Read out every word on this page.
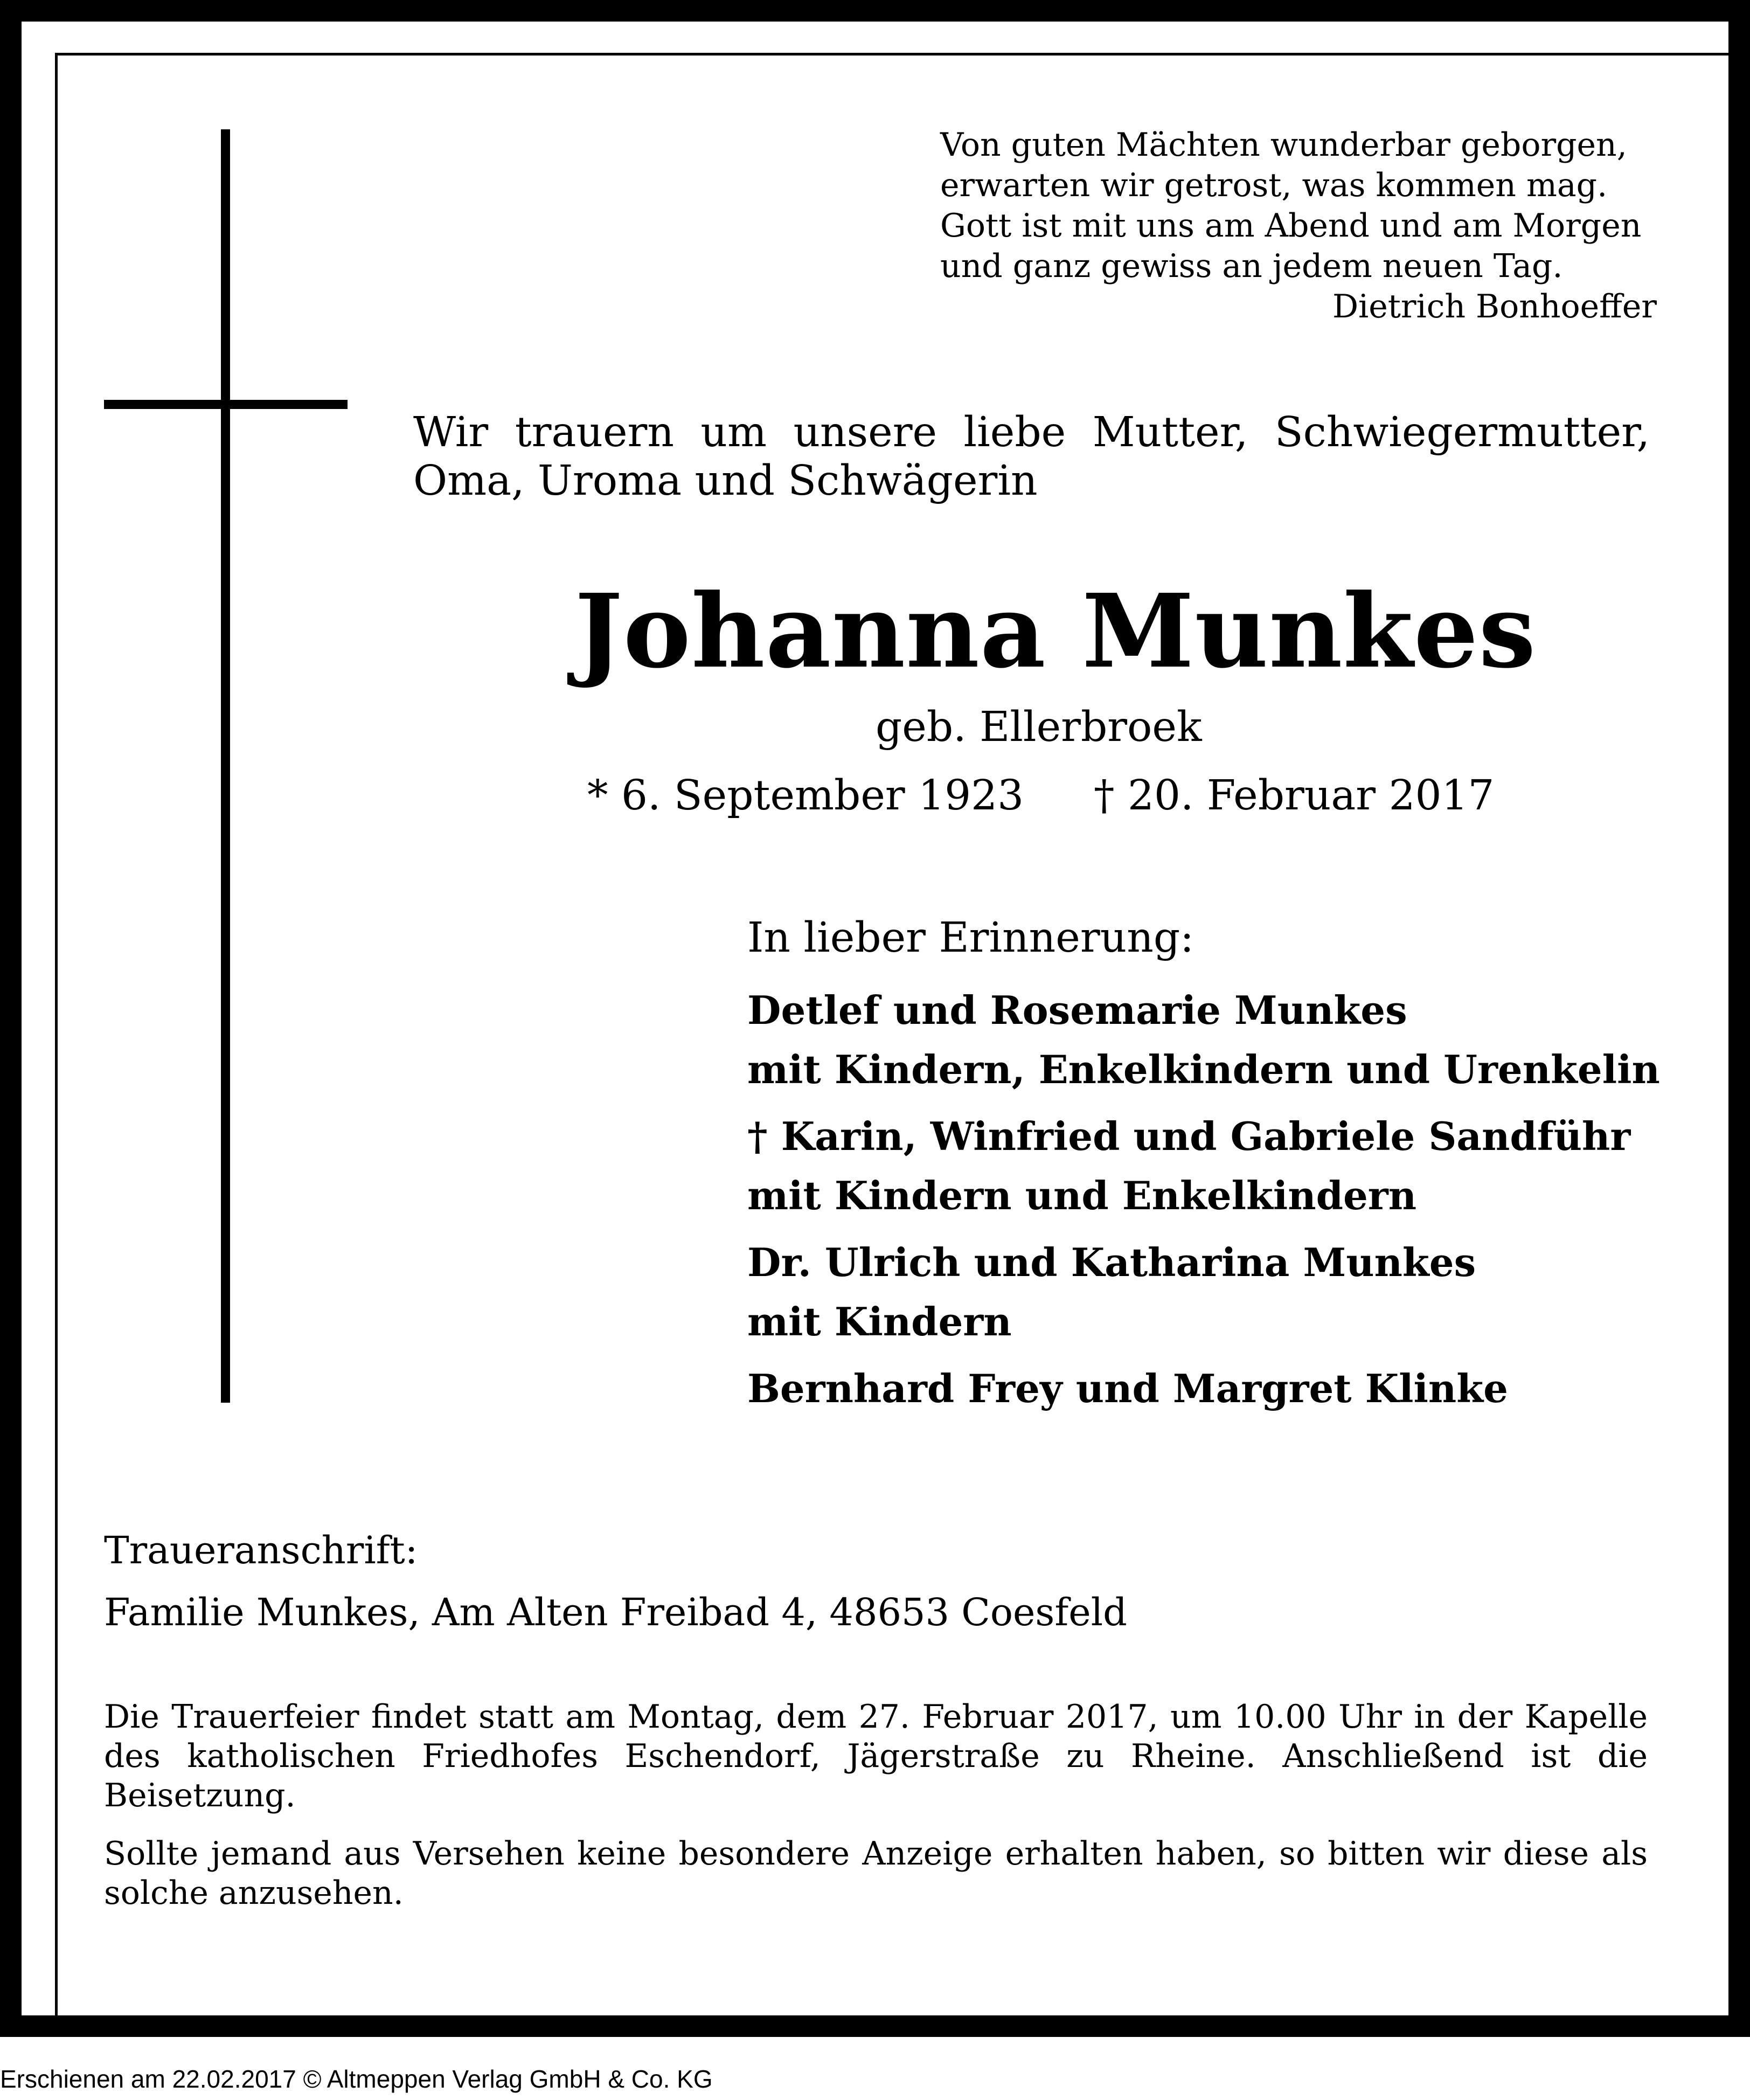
Von guten Mächten wunderbar geborgen,
erwarten wir getrost, was kommen mag.
Gott ist mit uns am Abend und am Morgen
und ganz gewiss an jedem neuen Tag.
Dietrich Bonhoeffer
Wir trauern um unsere liebe Mutter, Schwiegermutter,
Oma, Uroma und Schwägerin
Johanna Munkes
geb. Ellerbroek
* 6. September 1923 † 20. Februar 2017
In lieber Erinnerung:
Detlef und Rosemarie Munkes
mit Kindern, Enkelkindern und Urenkelin
† Karin, Winfried und Gabriele Sandführ
mit Kindern und Enkelkindern
Dr. Ulrich und Katharina Munkes
mit Kindern
Bernhard Frey und Margret Klinke
Traueranschrift:
Familie Munkes, Am Alten Freibad 4, 48653 Coesfeld

Die Trauerfeier findet statt am Montag, dem 27. Februar 2017, um 10.00 Uhr in der Kapelle des katholischen Friedhofes Eschendorf, Jägerstraße zu Rheine. Anschließend ist die Beisetzung.

Sollte jemand aus Versehen keine besondere Anzeige erhalten haben, so bitten wir diese als solche anzusehen.

Erschienen am 22.02.2017 © Altmeppen Verlag GmbH & Co. KG
